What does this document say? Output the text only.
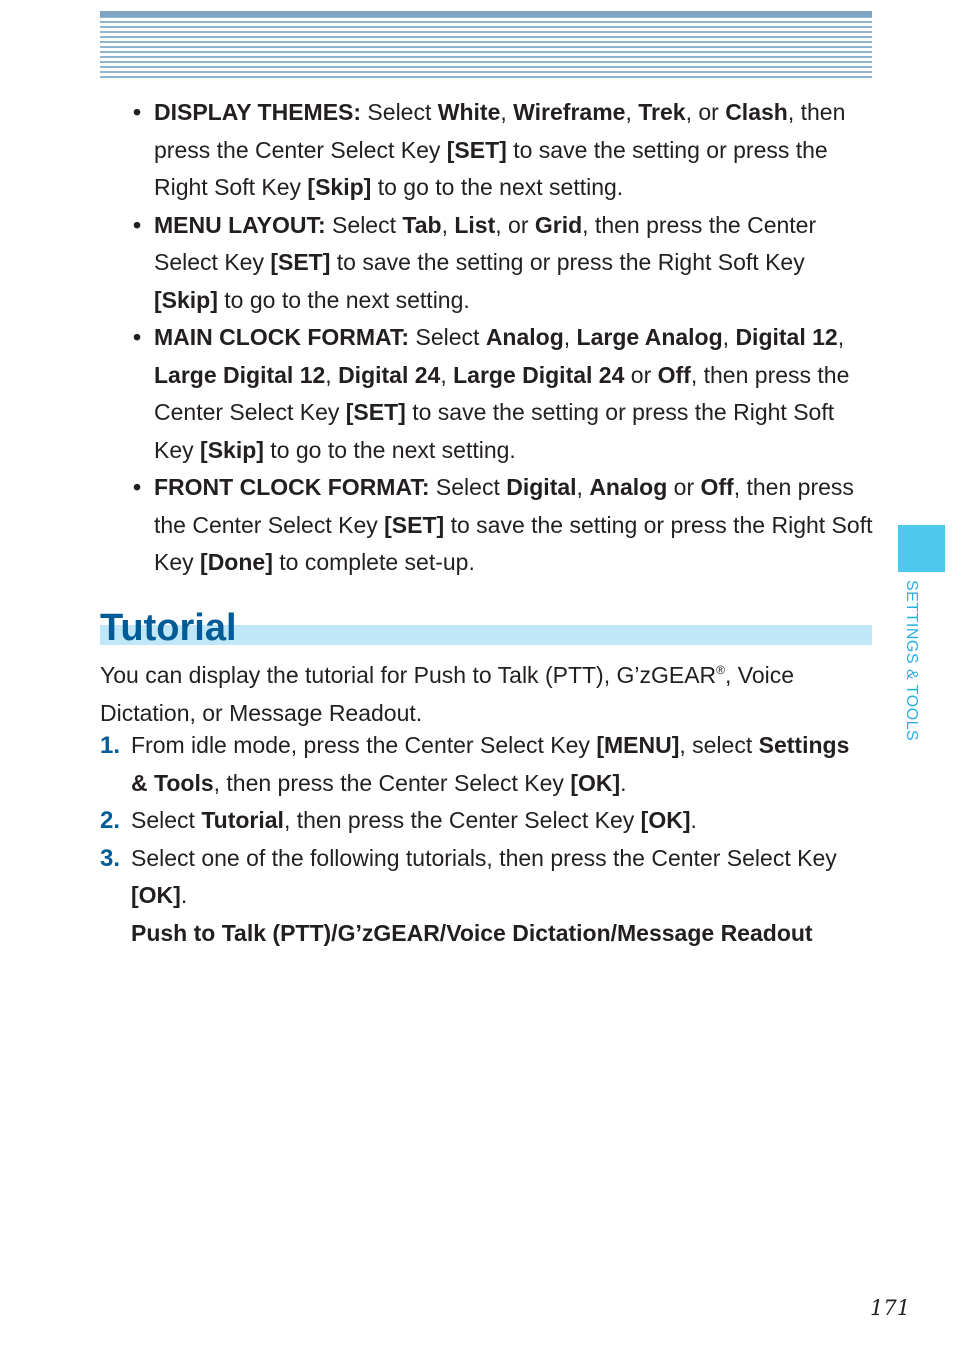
• DISPLAY THEMES: Select White, Wireframe, Trek, or Clash, then press the Center Select Key [SET] to save the setting or press the Right Soft Key [Skip] to go to the next setting.
• MENU LAYOUT: Select Tab, List, or Grid, then press the Center Select Key [SET] to save the setting or press the Right Soft Key [Skip] to go to the next setting.
• MAIN CLOCK FORMAT: Select Analog, Large Analog, Digital 12, Large Digital 12, Digital 24, Large Digital 24 or Off, then press the Center Select Key [SET] to save the setting or press the Right Soft Key [Skip] to go to the next setting.
• FRONT CLOCK FORMAT: Select Digital, Analog or Off, then press the Center Select Key [SET] to save the setting or press the Right Soft Key [Done] to complete set-up.
Tutorial
You can display the tutorial for Push to Talk (PTT), G’zGEAR®, Voice Dictation, or Message Readout.
1. From idle mode, press the Center Select Key [MENU], select Settings & Tools, then press the Center Select Key [OK].
2. Select Tutorial, then press the Center Select Key [OK].
3. Select one of the following tutorials, then press the Center Select Key [OK].
Push to Talk (PTT)/G’zGEAR/Voice Dictation/Message Readout
SETTINGS & TOOLS
171
